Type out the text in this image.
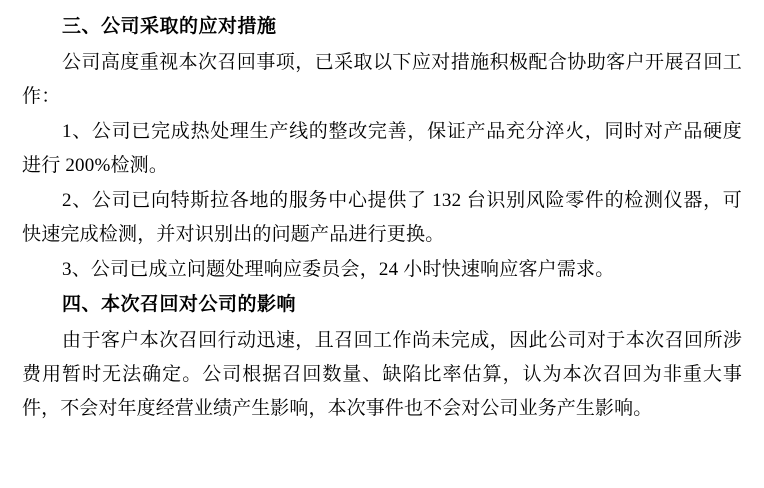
三、公司采取的应对措施

公司高度重视本次召回事项，已采取以下应对措施积极配合协助客户开展召回工作：

1、公司已完成热处理生产线的整改完善，保证产品充分淬火，同时对产品硬度进行 200%检测。

2、公司已向特斯拉各地的服务中心提供了 132 台识别风险零件的检测仪器，可快速完成检测，并对识别出的问题产品进行更换。

3、公司已成立问题处理响应委员会，24 小时快速响应客户需求。

四、本次召回对公司的影响

由于客户本次召回行动迅速，且召回工作尚未完成，因此公司对于本次召回所涉费用暂时无法确定。公司根据召回数量、缺陷比率估算，认为本次召回为非重大事件，不会对年度经营业绩产生影响，本次事件也不会对公司业务产生影响。
